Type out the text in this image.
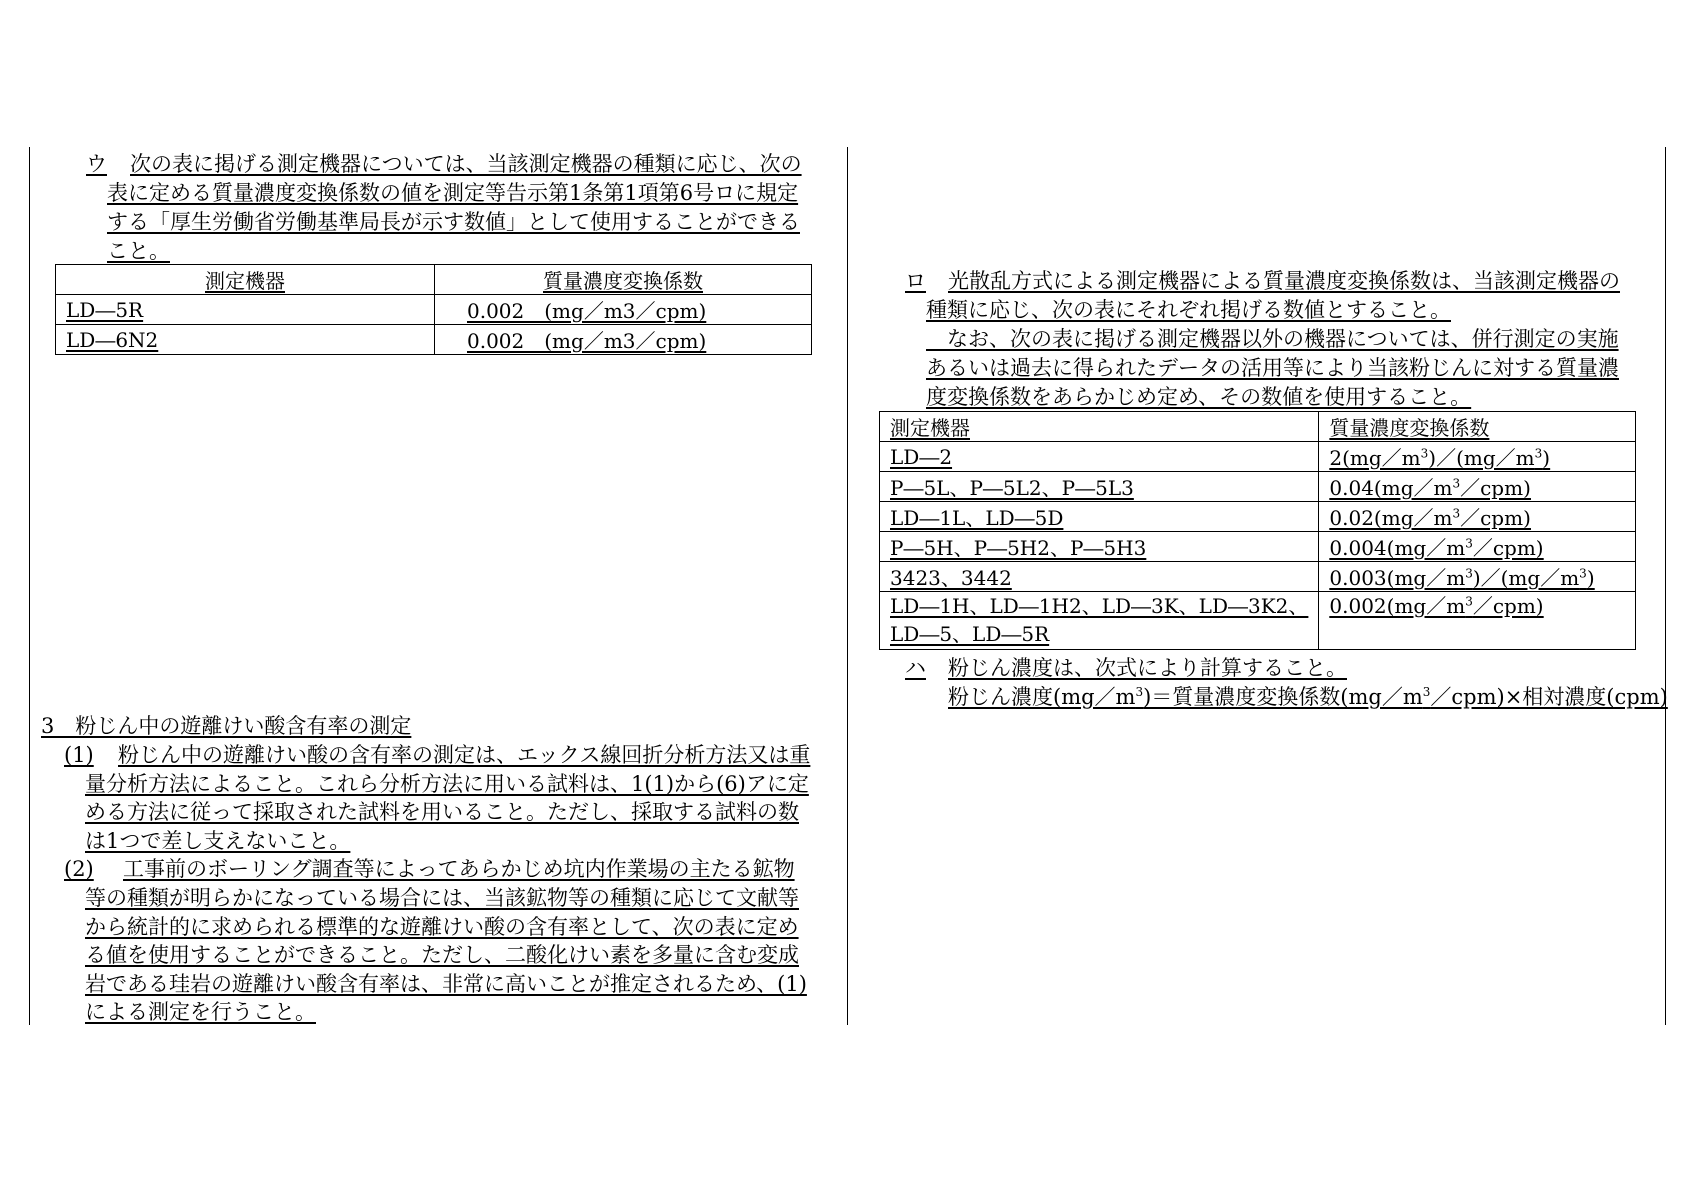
ウ 次の表に掲げる測定機器については、当該測定機器の種類に応じ、次の
表に定める質量濃度変換係数の値を測定等告示第1条第1項第6号ロに規定
する「厚生労働省労働基準局長が示す数値」として使用することができる
こと。
測定機器	質量濃度変換係数
LD―5R	0.002　(mg／m3／cpm)
LD―6N2	0.002　(mg／m3／cpm)
3　粉じん中の遊離けい酸含有率の測定
(1) 粉じん中の遊離けい酸の含有率の測定は、エックス線回折分析方法又は重
量分析方法によること。これら分析方法に用いる試料は、1(1)から(6)アに定
める方法に従って採取された試料を用いること。ただし、採取する試料の数
は1つで差し支えないこと。
(2) 工事前のボーリング調査等によってあらかじめ坑内作業場の主たる鉱物
等の種類が明らかになっている場合には、当該鉱物等の種類に応じて文献等
から統計的に求められる標準的な遊離けい酸の含有率として、次の表に定め
る値を使用することができること。ただし、二酸化けい素を多量に含む変成
岩である珪岩の遊離けい酸含有率は、非常に高いことが推定されるため、(1)
による測定を行うこと。
ロ 光散乱方式による測定機器による質量濃度変換係数は、当該測定機器の
種類に応じ、次の表にそれぞれ掲げる数値とすること。
　なお、次の表に掲げる測定機器以外の機器については、併行測定の実施
あるいは過去に得られたデータの活用等により当該粉じんに対する質量濃
度変換係数をあらかじめ定め、その数値を使用すること。
測定機器	質量濃度変換係数
LD―2	$2(mg/m^3)/(mg/m^3)$
P―5L、P―5L2、P―5L3	$0.04(mg/m^3/cpm)$
LD―1L、LD―5D	$0.02(mg/m^3/cpm)$
P―5H、P―5H2、P―5H3	$0.004(mg/m^3/cpm)$
3423、3442	$0.003(mg/m^3)/(mg/m^3)$
LD―1H、LD―1H2、LD―3K、LD―3K2、
LD―5、LD―5R	$0.002(mg/m^3/cpm)$
ハ 粉じん濃度は、次式により計算すること。
粉じん濃度$(mg/m^3)=$質量濃度変換係数$(mg/m^3/cpm)\times$相対濃度(cpm)
